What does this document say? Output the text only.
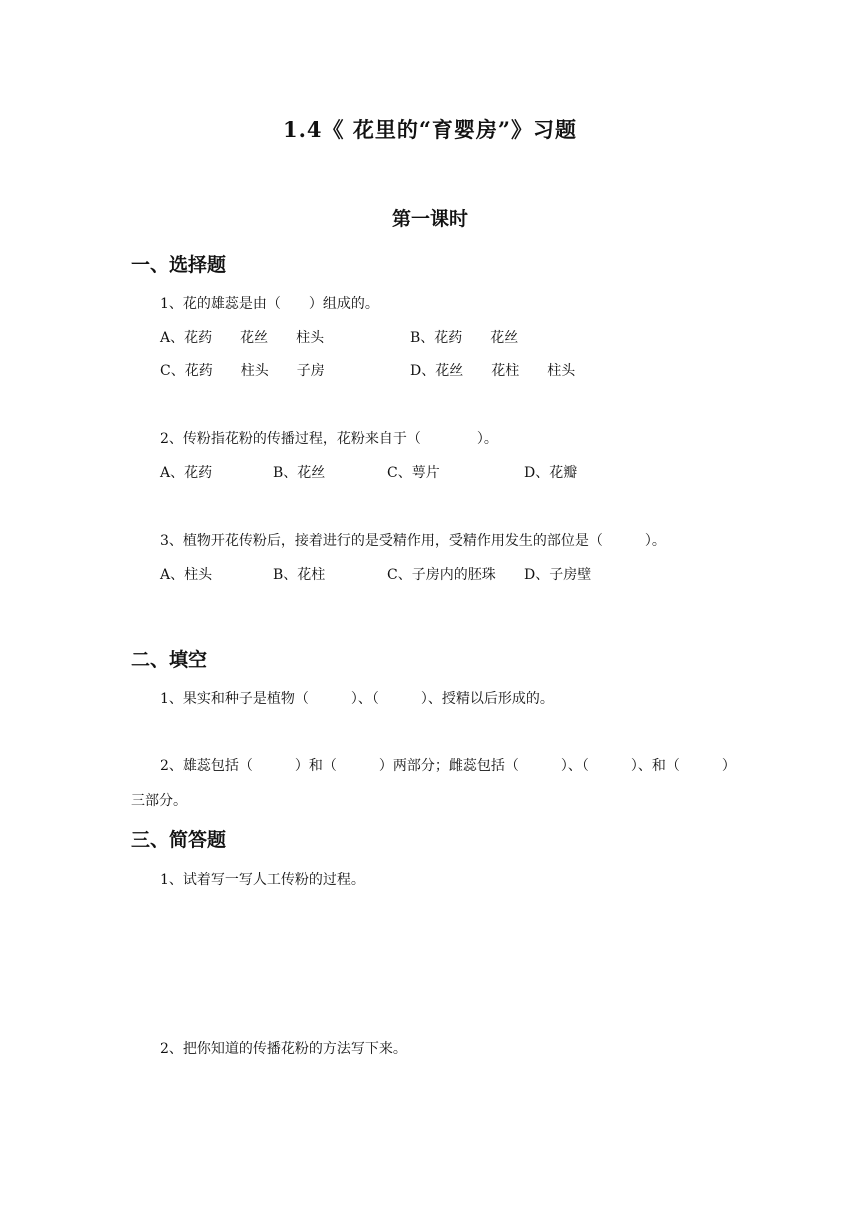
1.4《 花里的“育婴房”》习题
第一课时
一、选择题
1、花的雄蕊是由（　　）组成的。
A、花药　　花丝　　柱头	B、花药　　花丝
C、花药　　柱头　　子房	D、花丝　　花柱　　柱头
2、传粉指花粉的传播过程，花粉来自于（　　　　）。
A、花药	B、花丝	C、萼片	D、花瓣
3、植物开花传粉后，接着进行的是受精作用，受精作用发生的部位是（　　　）。
A、柱头	B、花柱	C、子房内的胚珠 D、子房壁
二、填空
1、果实和种子是植物（　　　）、（　　　）、授精以后形成的。
2、雄蕊包括（　　　）和（　　　）两部分；雌蕊包括（　　　）、（　　　）、和（　　　）
三部分。
三、简答题
1、试着写一写人工传粉的过程。
2、把你知道的传播花粉的方法写下来。
